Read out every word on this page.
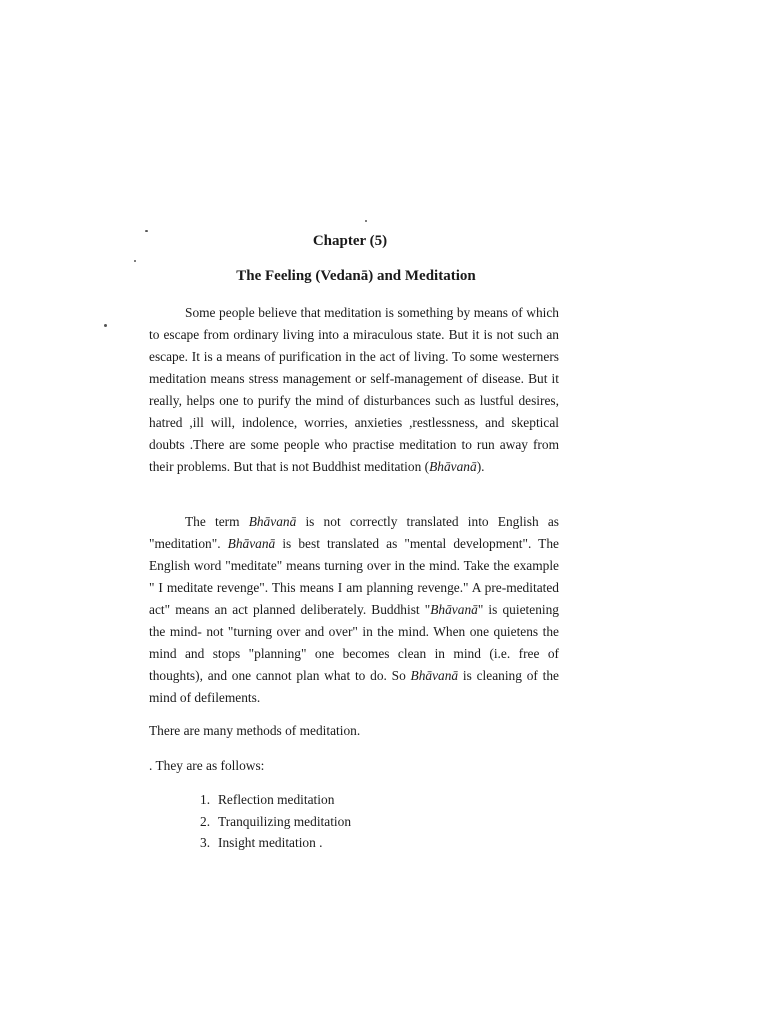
Chapter (5)
The Feeling (Vedanā) and Meditation

Some people believe that meditation is something by means of which to escape from ordinary living into a miraculous state. But it is not such an escape. It is a means of purification in the act of living. To some westerners meditation means stress management or self-management of disease. But it really, helps one to purify the mind of disturbances such as lustful desires, hatred ,ill will, indolence, worries, anxieties ,restlessness, and skeptical doubts .There are some people who practise meditation to run away from their problems. But that is not Buddhist meditation (Bhāvanā).

The term Bhāvanā is not correctly translated into English as "meditation". Bhāvanā is best translated as "mental development". The English word "meditate" means turning over in the mind. Take the example " I meditate revenge". This means I am planning revenge." A pre-meditated act" means an act planned deliberately. Buddhist "Bhāvanā" is quietening the mind- not "turning over and over" in the mind. When one quietens the mind and stops "planning" one becomes clean in mind (i.e. free of thoughts), and one cannot plan what to do. So Bhāvanā is cleaning of the mind of defilements.

There are many methods of meditation.

. They are as follows:

1. Reflection meditation
2. Tranquilizing meditation
3. Insight meditation .
